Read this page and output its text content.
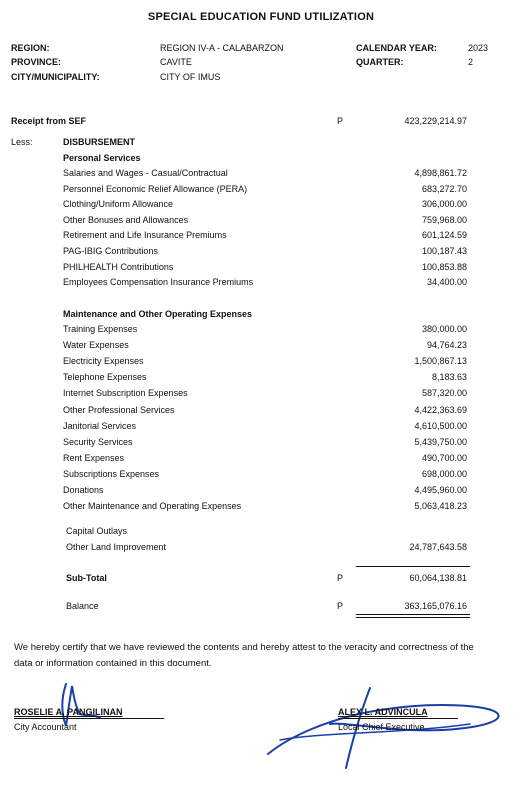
SPECIAL EDUCATION FUND UTILIZATION
REGION:	REGION IV-A - CALABARZON
PROVINCE:	CAVITE
CITY/MUNICIPALITY:	CITY OF IMUS
CALENDAR YEAR:	2023
QUARTER:	2
Receipt from SEF	P	423,229,214.97
Less:	DISBURSEMENT
Personal Services
Salaries and Wages - Casual/Contractual	4,898,861.72
Personnel Economic Relief Allowance (PERA)	683,272.70
Clothing/Uniform Allowance	306,000.00
Other Bonuses and Allowances	759,968.00
Retirement and Life Insurance Premiums	601,124.59
PAG-IBIG Contributions	100,187.43
PHILHEALTH Contributions	100,853.88
Employees Compensation Insurance Premiums	34,400.00
Maintenance and Other Operating Expenses
Training Expenses	380,000.00
Water Expenses	94,764.23
Electricity Expenses	1,500,867.13
Telephone Expenses	8,183.63
Internet Subscription Expenses	587,320.00
Other Professional Services	4,422,363.69
Janitorial Services	4,610,500.00
Security Services	5,439,750.00
Rent Expenses	490,700.00
Subscriptions Expenses	698,000.00
Donations	4,495,960.00
Other Maintenance and Operating Expenses	5,063,418.23
Capital Outlays
Other Land Improvement	24,787,643.58
Sub-Total	P	60,064,138.81
Balance	P	363,165,076.16
We hereby certify that we have reviewed the contents and hereby attest to the veracity and correctness of the data or information contained in this document.
ROSELIE A. PANGILINAN
City Accountant
ALEX L. ADVINCULA
Local Chief Executive
